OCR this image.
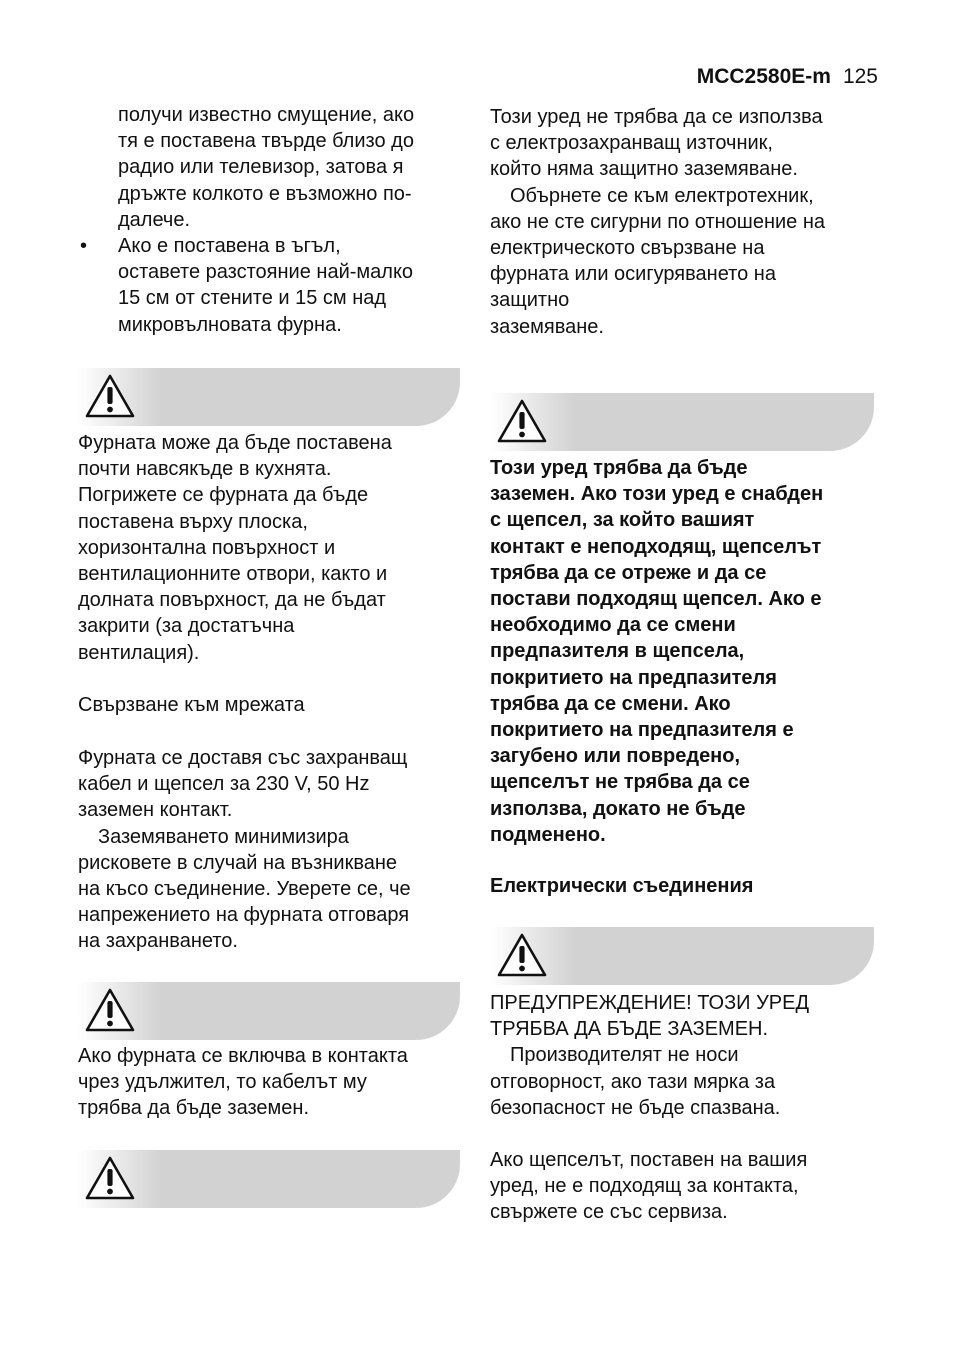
MCC2580E-m 125
получи известно смущение, ако
тя е поставена твърде близо до
радио или телевизор, затова я
дръжте колкото е възможно по-
далече.
• Ако е поставена в ъгъл,
оставете разстояние най-малко
15 см от стените и 15 см над
микровълновата фурна.
Фурната може да бъде поставена
почти навсякъде в кухнята.
Погрижете се фурната да бъде
поставена върху плоска,
хоризонтална повърхност и
вентилационните отвори, както и
долната повърхност, да не бъдат
закрити (за достатъчна
вентилация).
Свързване към мрежата
Фурната се доставя със захранващ
кабел и щепсел за 230 V, 50 Hz
заземен контакт.
Заземяването минимизира
рисковете в случай на възникване
на късо съединение. Уверете се, че
напрежението на фурната отговаря
на захранването.
Ако фурната се включва в контакта
чрез удължител, то кабелът му
трябва да бъде заземен.
Този уред не трябва да се използва
с електрозахранващ източник,
който няма защитно заземяване.
Обърнете се към електротехник,
ако не сте сигурни по отношение на
електрическото свързване на
фурната или осигуряването на
защитно
заземяване.
Този уред трябва да бъде
заземен. Ако този уред е снабден
с щепсел, за който вашият
контакт е неподходящ, щепселът
трябва да се отреже и да се
постави подходящ щепсел. Ако е
необходимо да се смени
предпазителя в щепсела,
покритието на предпазителя
трябва да се смени. Ако
покритието на предпазителя е
загубено или повредено,
щепселът не трябва да се
използва, докато не бъде
подменено.
Електрически съединения
ПРЕДУПРЕЖДЕНИЕ! ТОЗИ УРЕД
ТРЯБВА ДА БЪДЕ ЗАЗЕМЕН.
Производителят не носи
отговорност, ако тази мярка за
безопасност не бъде спазвана.
Ако щепселът, поставен на вашия
уред, не е подходящ за контакта,
свържете се със сервиза.
